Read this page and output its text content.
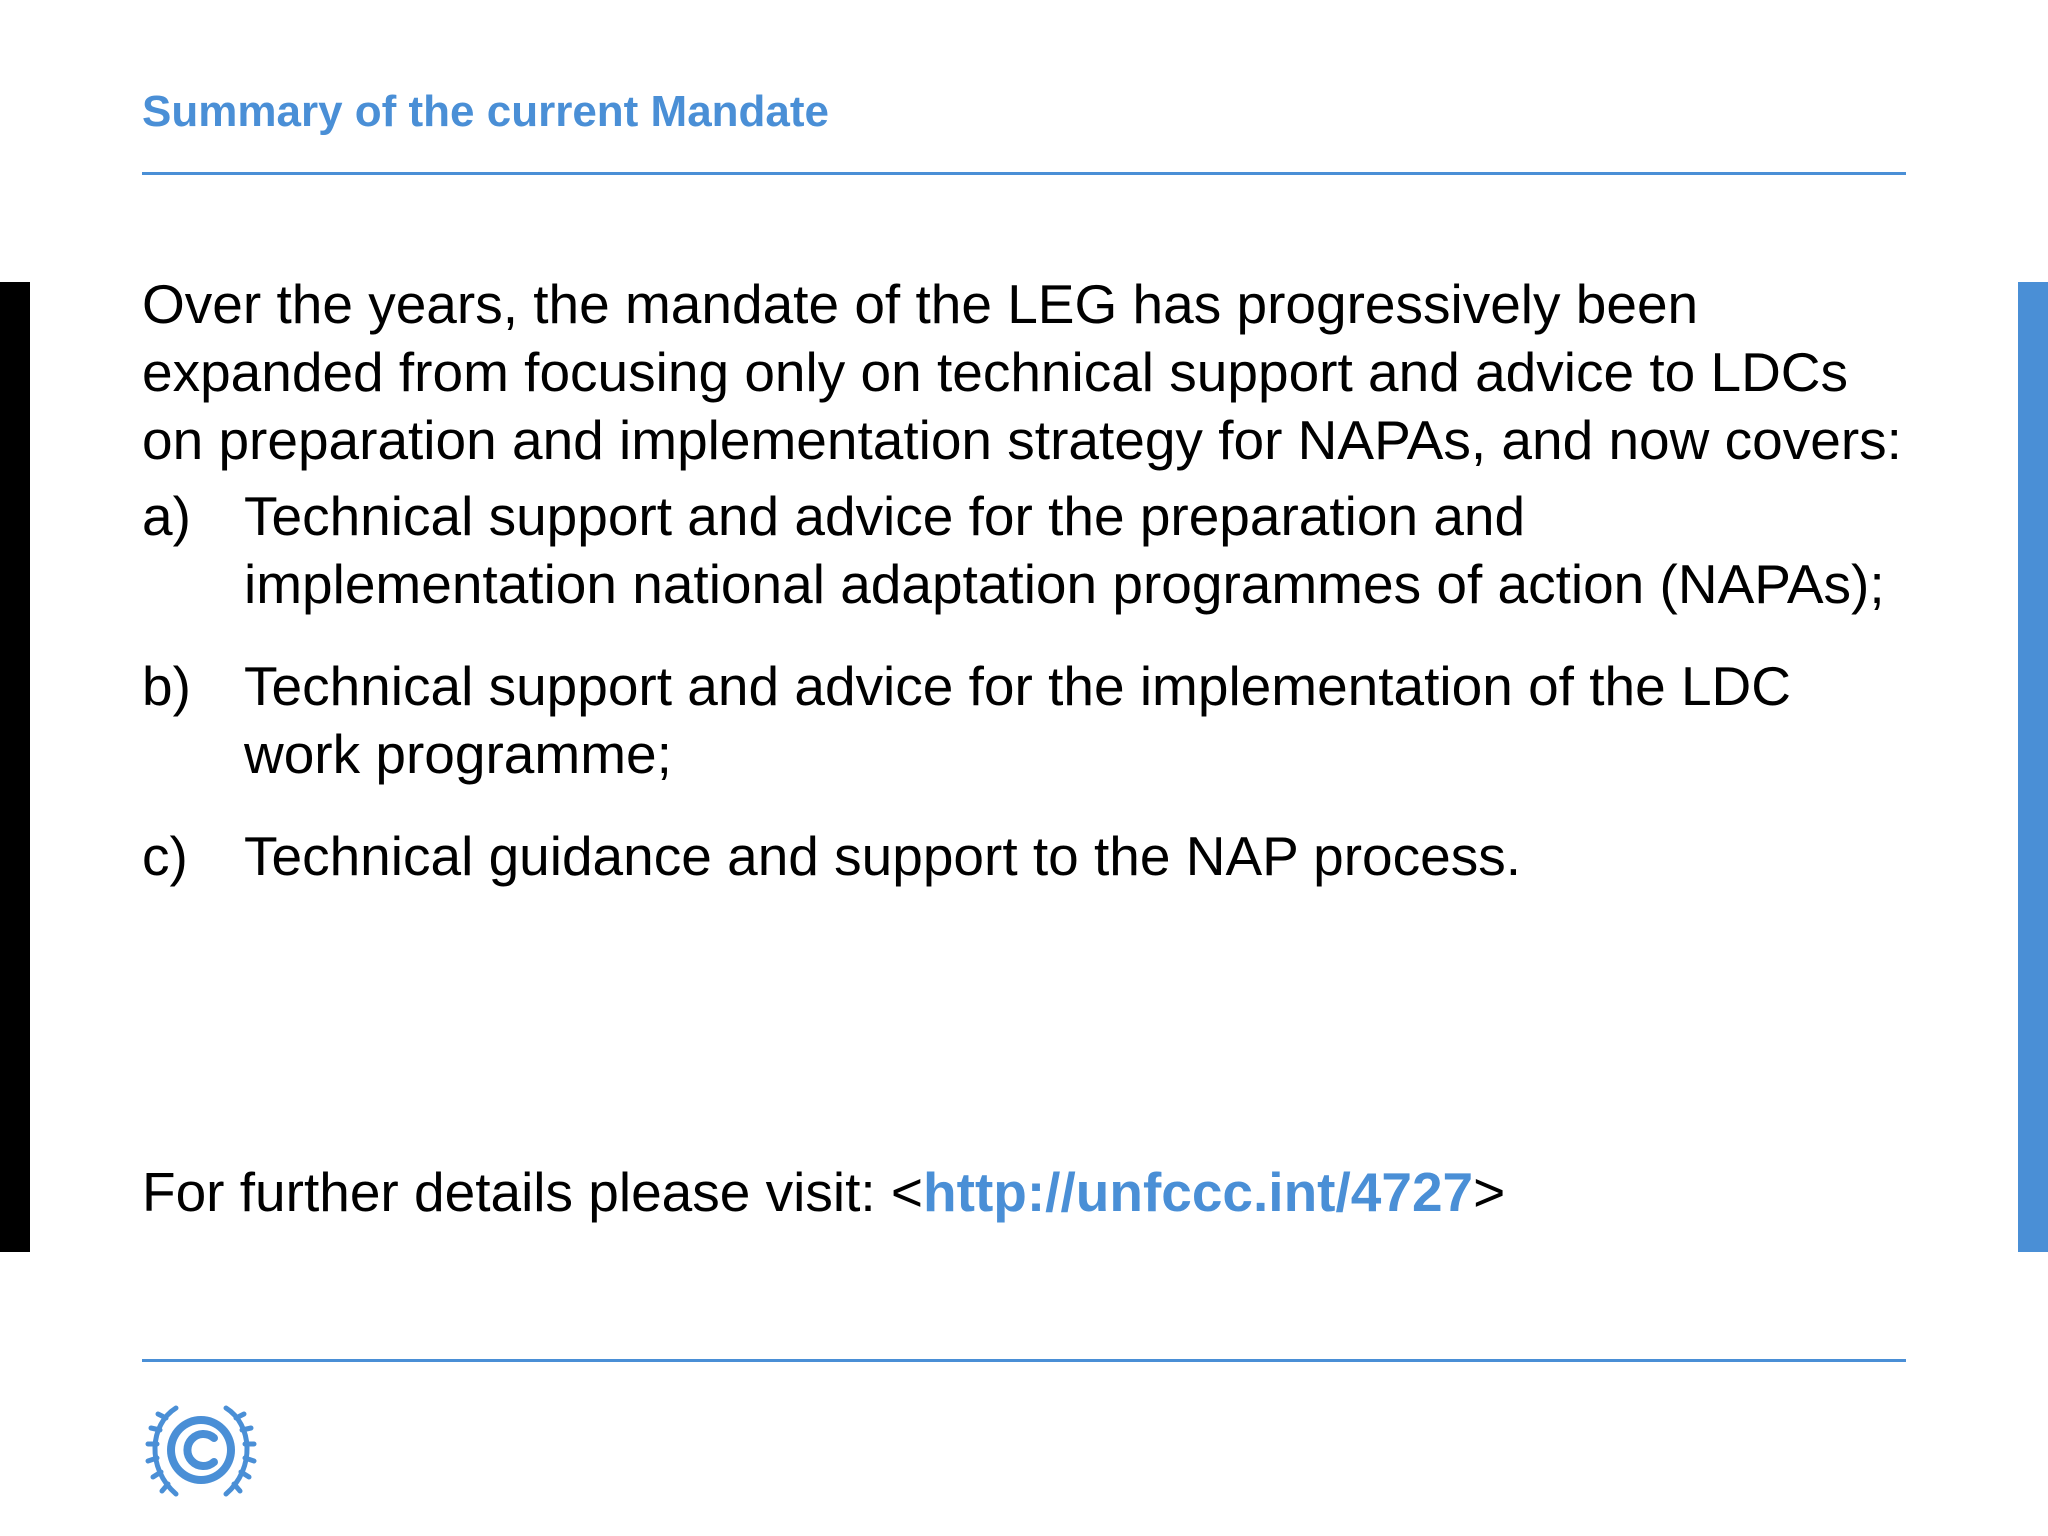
Summary of the current Mandate

Over the years, the mandate of the LEG has progressively been expanded from focusing only on technical support and advice to LDCs on preparation and implementation strategy for NAPAs, and now covers:

a) Technical support and advice for the preparation and implementation national adaptation programmes of action (NAPAs);
b) Technical support and advice for the implementation of the LDC work programme;
c)	Technical guidance and support to the NAP process.
For further details please visit: <http://unfccc.int/4727>
